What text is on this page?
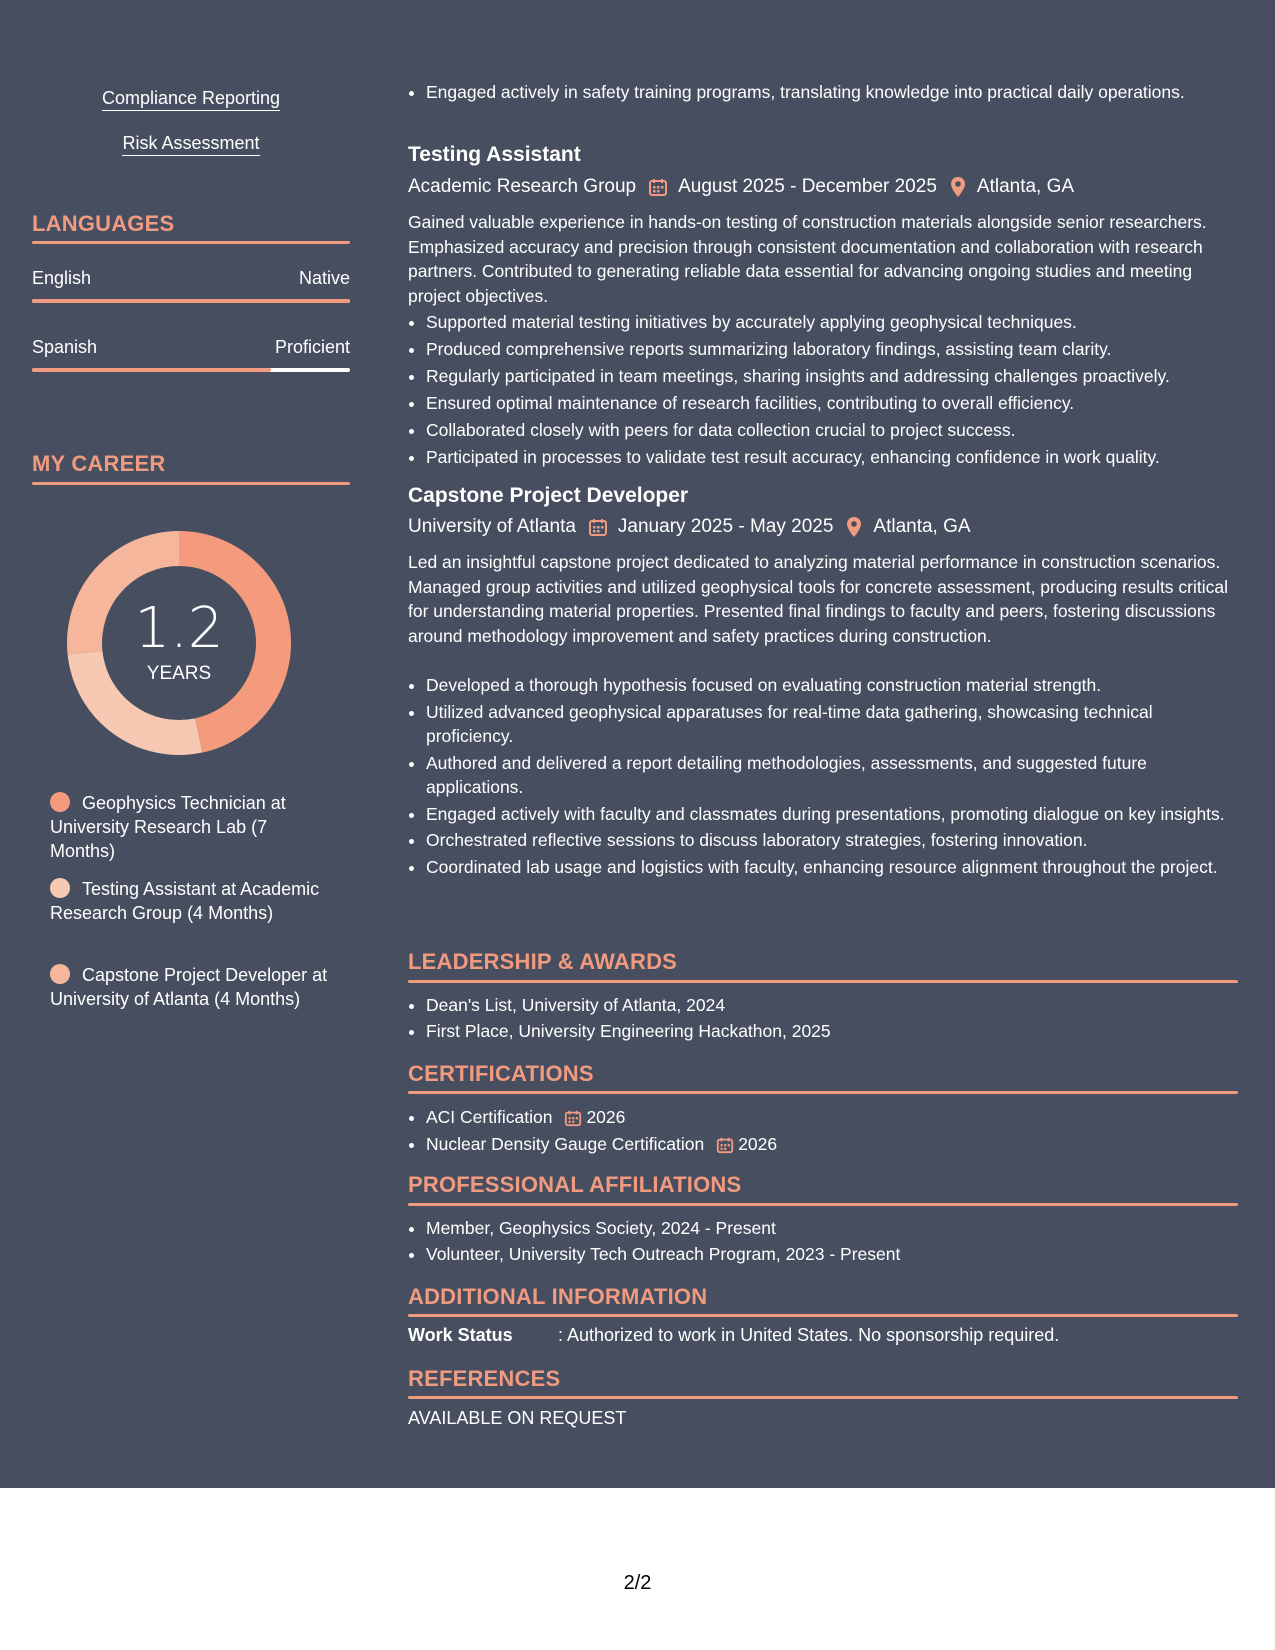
Compliance Reporting
Risk Assessment
LANGUAGES
English	Native
Spanish	Proficient
MY CAREER
1.2
YEARS
Geophysics Technician at University Research Lab (7 Months)
Testing Assistant at Academic Research Group (4 Months)
Capstone Project Developer at University of Atlanta (4 Months)
• Engaged actively in safety training programs, translating knowledge into practical daily operations.
Testing Assistant
Academic Research Group August 2025 - December 2025 Atlanta, GA
Gained valuable experience in hands-on testing of construction materials alongside senior researchers. Emphasized accuracy and precision through consistent documentation and collaboration with research partners. Contributed to generating reliable data essential for advancing ongoing studies and meeting project objectives.
• Supported material testing initiatives by accurately applying geophysical techniques.
• Produced comprehensive reports summarizing laboratory findings, assisting team clarity.
• Regularly participated in team meetings, sharing insights and addressing challenges proactively.
• Ensured optimal maintenance of research facilities, contributing to overall efficiency.
• Collaborated closely with peers for data collection crucial to project success.
• Participated in processes to validate test result accuracy, enhancing confidence in work quality.
Capstone Project Developer
University of Atlanta January 2025 - May 2025 Atlanta, GA
Led an insightful capstone project dedicated to analyzing material performance in construction scenarios. Managed group activities and utilized geophysical tools for concrete assessment, producing results critical for understanding material properties. Presented final findings to faculty and peers, fostering discussions around methodology improvement and safety practices during construction.
• Developed a thorough hypothesis focused on evaluating construction material strength.
• Utilized advanced geophysical apparatuses for real-time data gathering, showcasing technical proficiency.
• Authored and delivered a report detailing methodologies, assessments, and suggested future applications.
• Engaged actively with faculty and classmates during presentations, promoting dialogue on key insights.
• Orchestrated reflective sessions to discuss laboratory strategies, fostering innovation.
• Coordinated lab usage and logistics with faculty, enhancing resource alignment throughout the project.
LEADERSHIP & AWARDS
• Dean's List, University of Atlanta, 2024
• First Place, University Engineering Hackathon, 2025
CERTIFICATIONS
• ACI Certification 2026
• Nuclear Density Gauge Certification 2026
PROFESSIONAL AFFILIATIONS
• Member, Geophysics Society, 2024 - Present
• Volunteer, University Tech Outreach Program, 2023 - Present
ADDITIONAL INFORMATION
Work Status	: Authorized to work in United States. No sponsorship required.
REFERENCES
AVAILABLE ON REQUEST
2/2
